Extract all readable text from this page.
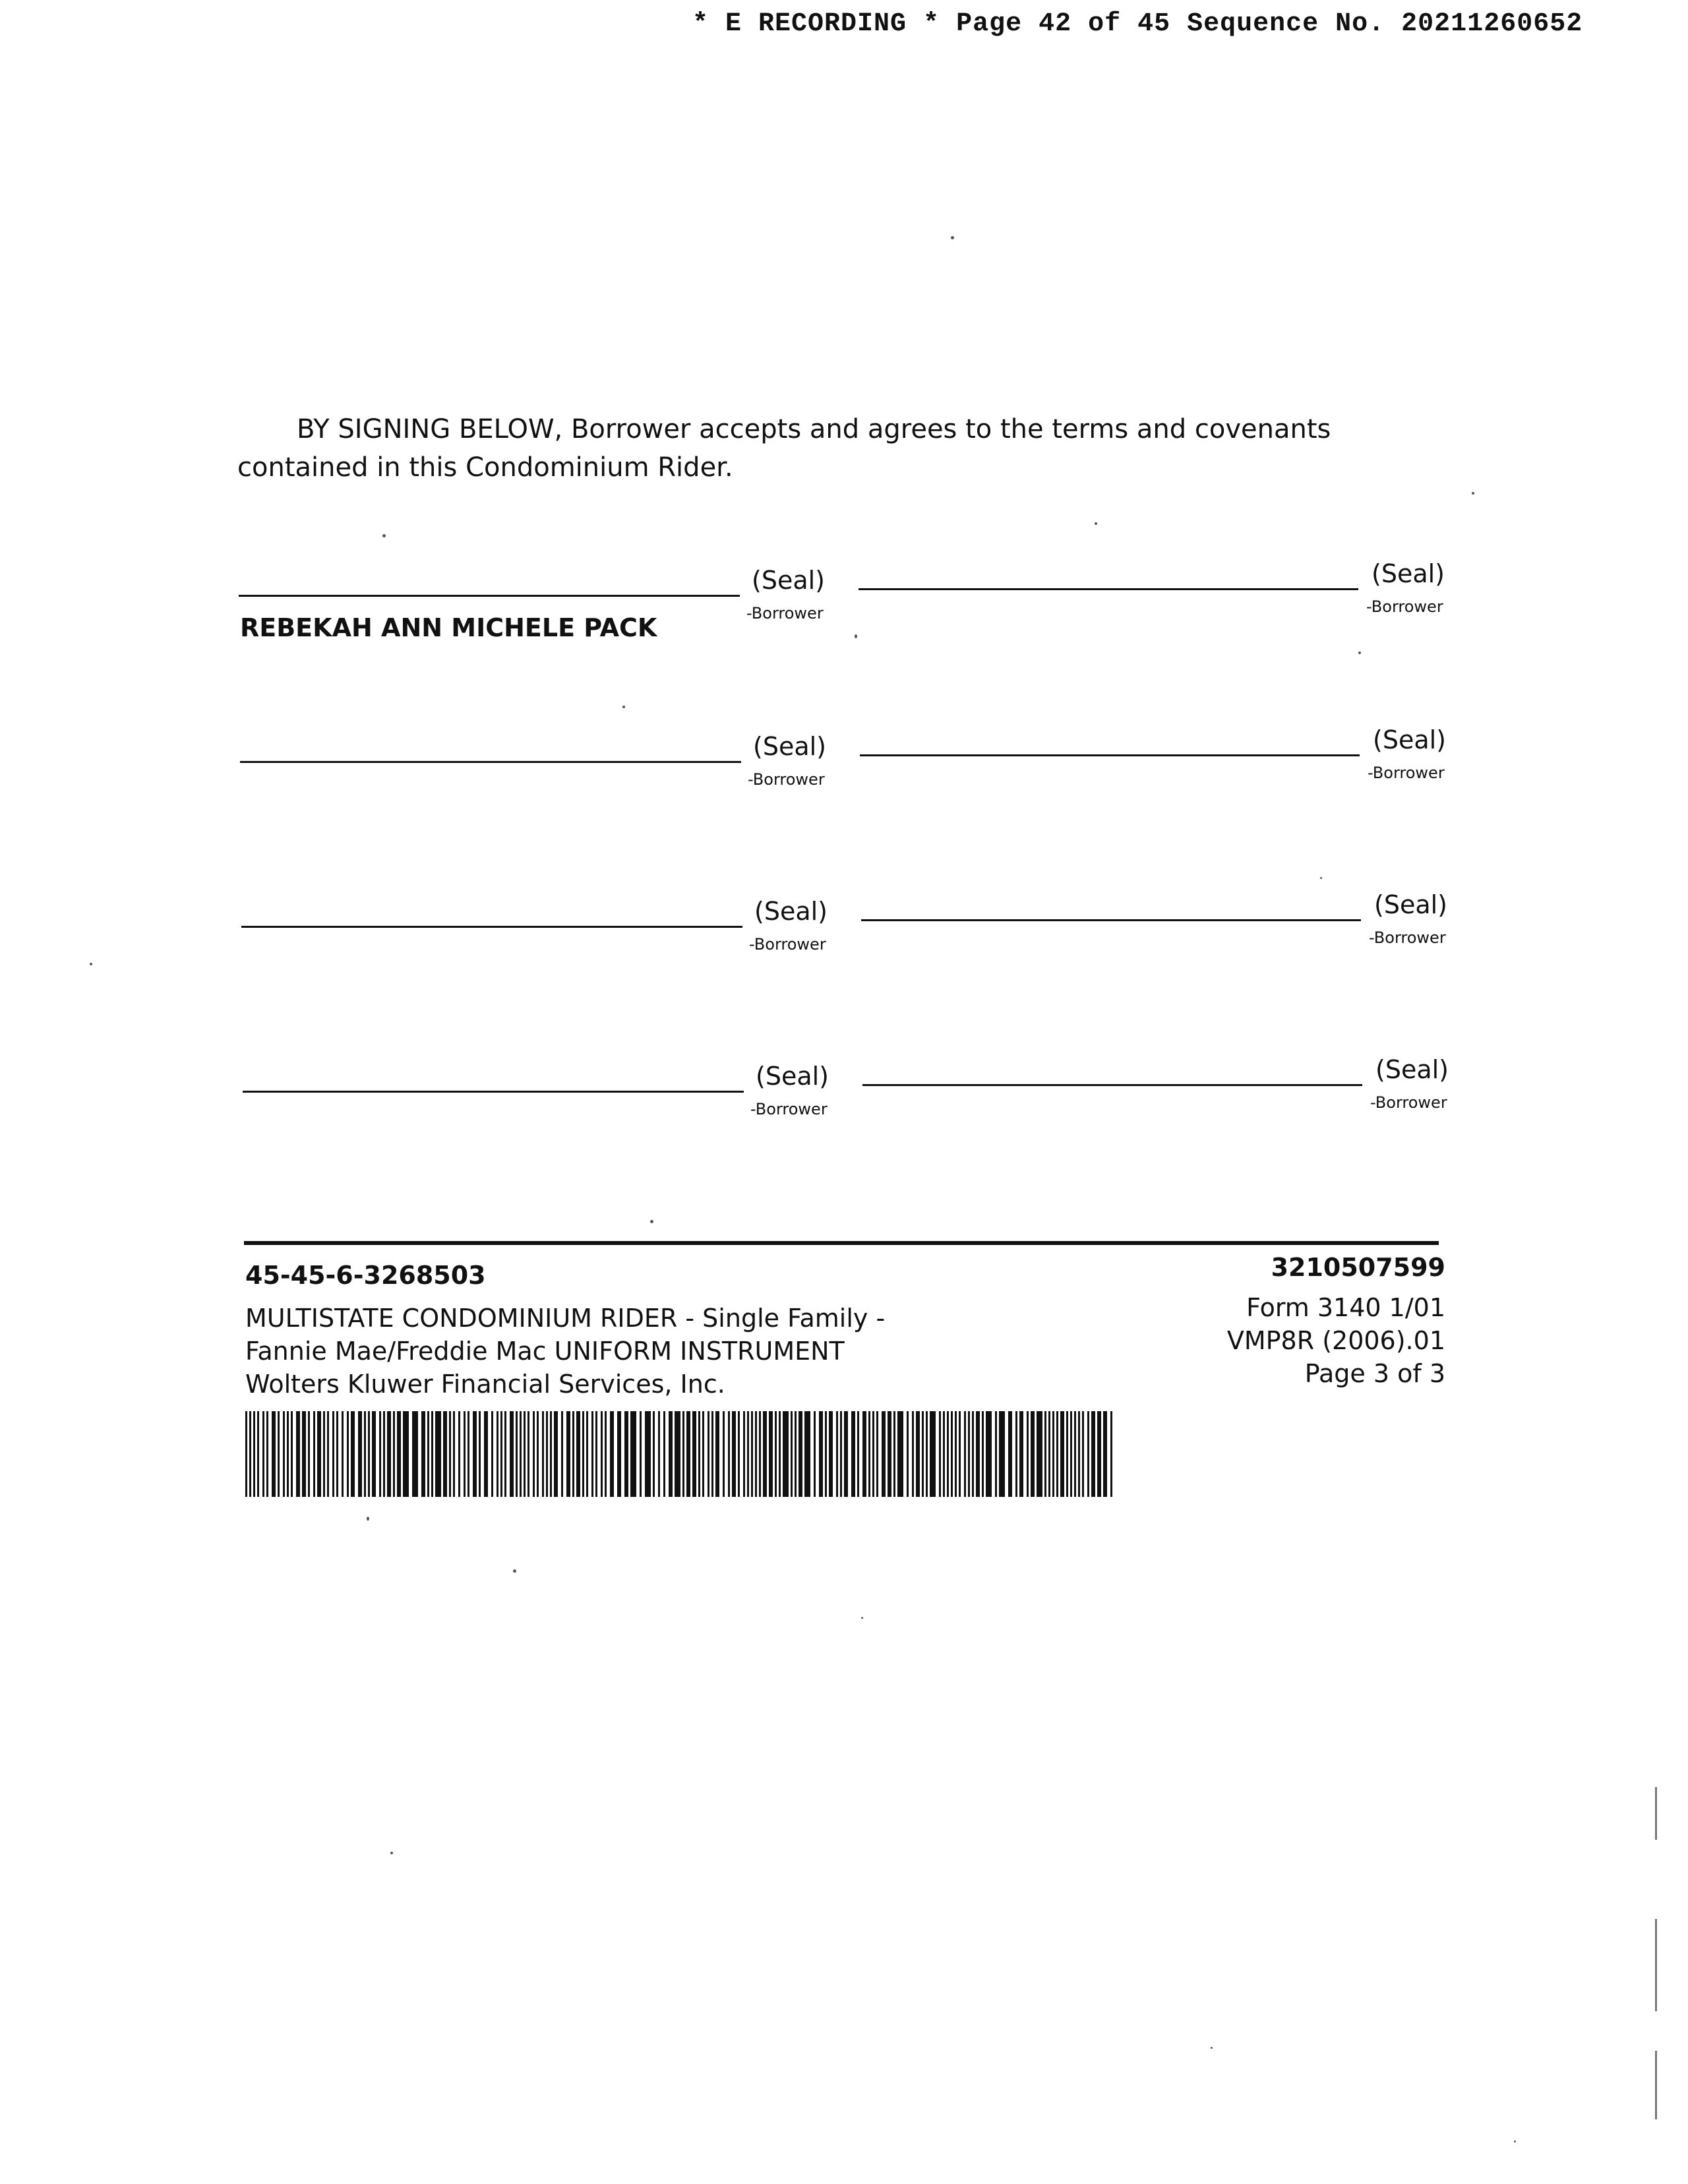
* E RECORDING * Page 42 of 45 Sequence No. 20211260652
BY SIGNING BELOW, Borrower accepts and agrees to the terms and covenants contained in this Condominium Rider.
(Seal)
-Borrower
REBEKAH ANN MICHELE PACK
(Seal)
-Borrower
(Seal)
-Borrower
(Seal)
-Borrower
(Seal)
-Borrower
(Seal)
-Borrower
(Seal)
-Borrower
(Seal)
-Borrower
45-45-6-3268503
MULTISTATE CONDOMINIUM RIDER - Single Family -
Fannie Mae/Freddie Mac UNIFORM INSTRUMENT
Wolters Kluwer Financial Services, Inc.
3210507599
Form 3140 1/01
VMP8R (2006).01
Page 3 of 3
